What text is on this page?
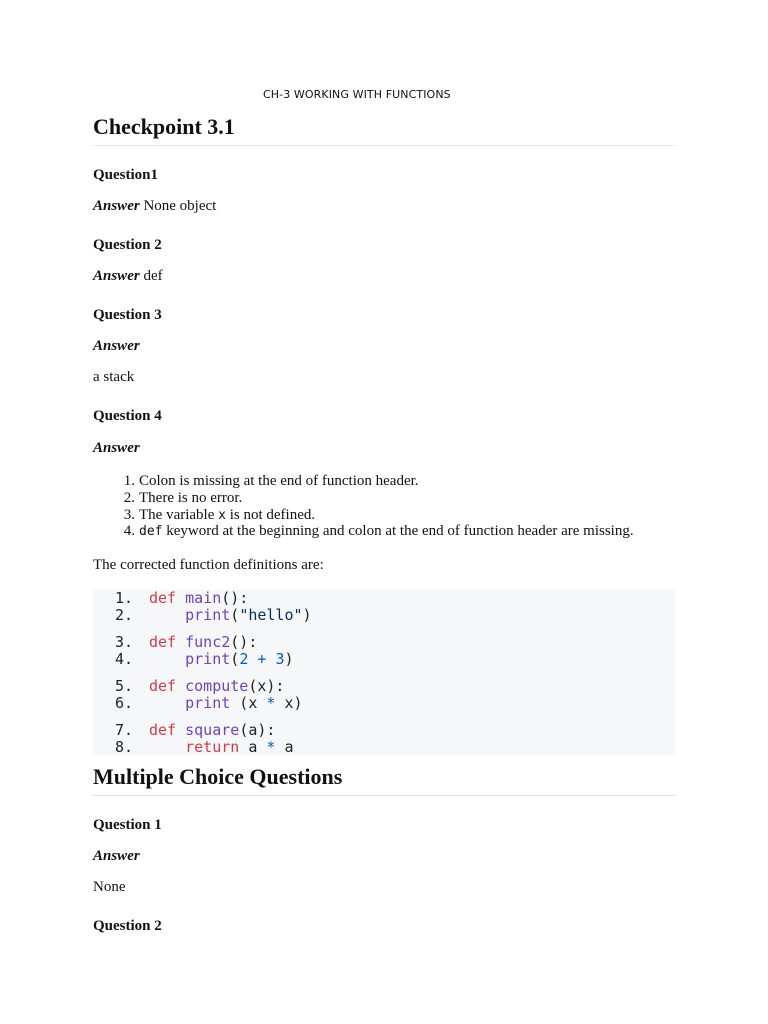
CH-3 WORKING WITH FUNCTIONS
Checkpoint 3.1
Question1
Answer None object
Question 2
Answer def
Question 3
Answer
a stack
Question 4
Answer
1. Colon is missing at the end of function header.
2. There is no error.
3. The variable x is not defined.
4. def keyword at the beginning and colon at the end of function header are missing.
The corrected function definitions are:
1. def main():
2.	print("hello")
3. def func2():
4.	print(2 + 3)
5. def compute(x):
6.	print (x * x)
7. def square(a):
8.	return a * a
Multiple Choice Questions
Question 1
Answer
None
Question 2
